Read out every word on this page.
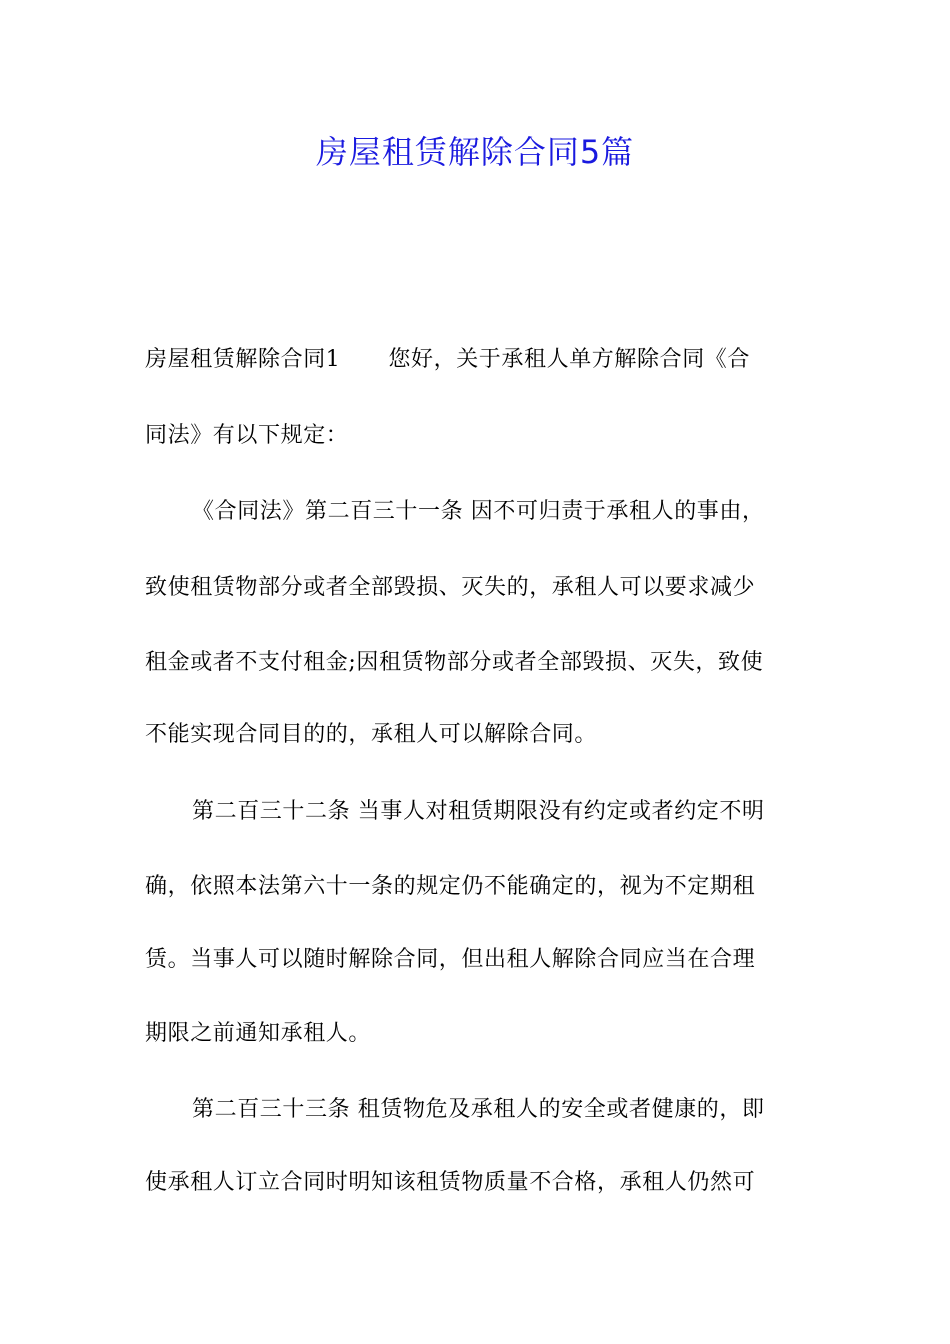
房屋租赁解除合同5篇
房屋租赁解除合同1 您好，关于承租人单方解除合同《合
同法》有以下规定：
《合同法》第二百三十一条 因不可归责于承租人的事由，
致使租赁物部分或者全部毁损、灭失的，承租人可以要求减少
租金或者不支付租金;因租赁物部分或者全部毁损、灭失，致使
不能实现合同目的的，承租人可以解除合同。
第二百三十二条 当事人对租赁期限没有约定或者约定不明
确，依照本法第六十一条的规定仍不能确定的，视为不定期租
赁。当事人可以随时解除合同，但出租人解除合同应当在合理
期限之前通知承租人。
第二百三十三条 租赁物危及承租人的安全或者健康的，即
使承租人订立合同时明知该租赁物质量不合格，承租人仍然可
